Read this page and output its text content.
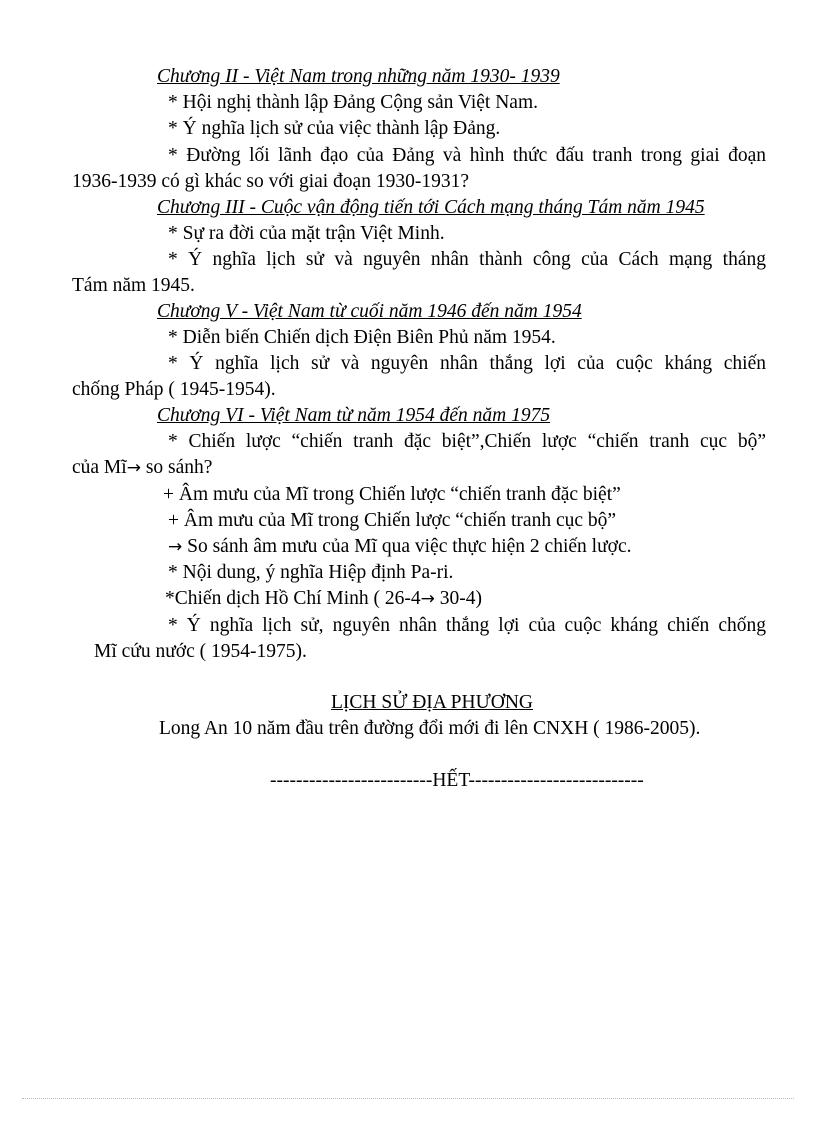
Chương II - Việt Nam trong những năm 1930- 1939
* Hội nghị thành lập Đảng Cộng sản Việt Nam.
* Ý nghĩa lịch sử của việc thành lập Đảng.
* Đường lối lãnh đạo của Đảng và hình thức đấu tranh trong giai đoạn
1936-1939 có gì khác so với giai đoạn 1930-1931?
Chương III - Cuộc vận động tiến tới Cách mạng tháng Tám năm 1945
* Sự ra đời của mặt trận Việt Minh.
* Ý nghĩa lịch sử và nguyên nhân thành công của Cách mạng tháng
Tám năm 1945.
Chương V - Việt Nam từ cuối năm 1946 đến năm 1954
* Diễn biến Chiến dịch Điện Biên Phủ năm 1954.
* Ý nghĩa lịch sử và nguyên nhân thắng lợi của cuộc kháng chiến
chống Pháp ( 1945-1954).
Chương VI - Việt Nam từ năm 1954 đến năm 1975
* Chiến lược “chiến tranh đặc biệt”,Chiến lược “chiến tranh cục bộ”
của Mĩ→ so sánh?
+ Âm mưu của Mĩ trong Chiến lược “chiến tranh đặc biệt”
+ Âm mưu của Mĩ trong Chiến lược “chiến tranh cục bộ”
→ So sánh âm mưu của Mĩ qua việc thực hiện 2 chiến lược.
* Nội dung, ý nghĩa Hiệp định Pa-ri.
*Chiến dịch Hồ Chí Minh ( 26-4→ 30-4)
* Ý nghĩa lịch sử, nguyên nhân thắng lợi của cuộc kháng chiến chống
Mĩ cứu nước ( 1954-1975).
LỊCH SỬ ĐỊA PHƯƠNG
Long An 10 năm đầu trên đường đổi mới đi lên CNXH ( 1986-2005).
-------------------------HẾT---------------------------
